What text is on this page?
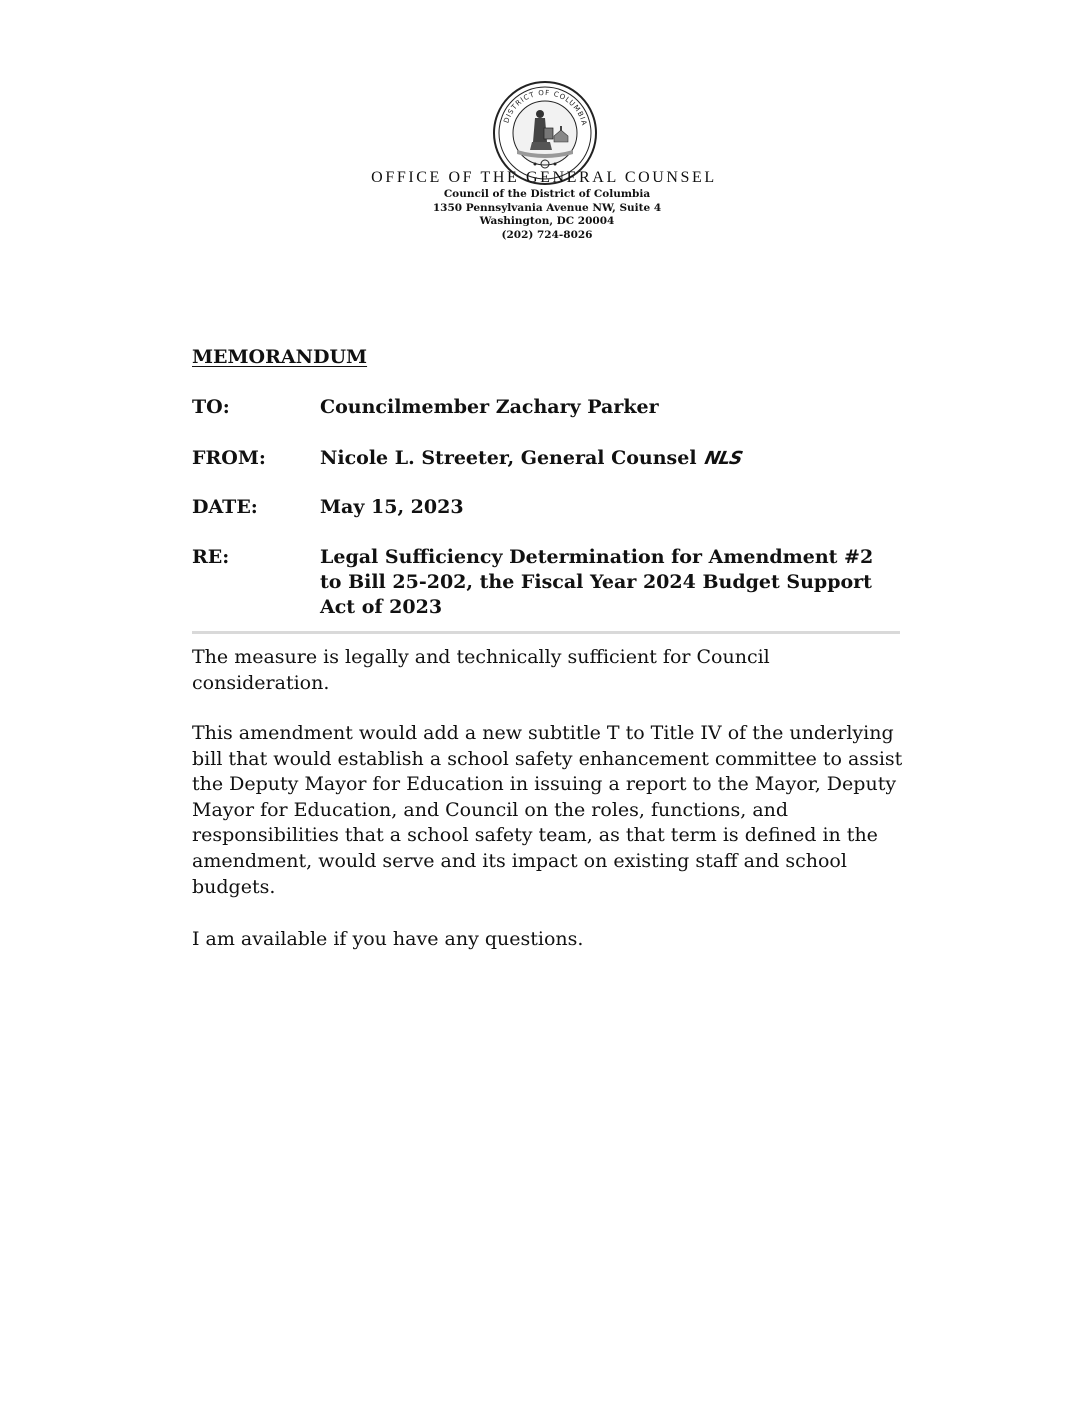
DISTRICT OF COLUMBIA
OFFICE OF THE GENERAL COUNSEL
Council of the District of Columbia
1350 Pennsylvania Avenue NW, Suite 4
Washington, DC 20004
(202) 724-8026
MEMORANDUM
TO:	Councilmember Zachary Parker
FROM:	Nicole L. Streeter, General Counsel NLS
DATE:	May 15, 2023
RE:	Legal Sufficiency Determination for Amendment #2 to Bill 25-202, the Fiscal Year 2024 Budget Support Act of 2023
The measure is legally and technically sufficient for Council consideration.
This amendment would add a new subtitle T to Title IV of the underlying bill that would establish a school safety enhancement committee to assist the Deputy Mayor for Education in issuing a report to the Mayor, Deputy Mayor for Education, and Council on the roles, functions, and responsibilities that a school safety team, as that term is defined in the amendment, would serve and its impact on existing staff and school budgets.
I am available if you have any questions.
